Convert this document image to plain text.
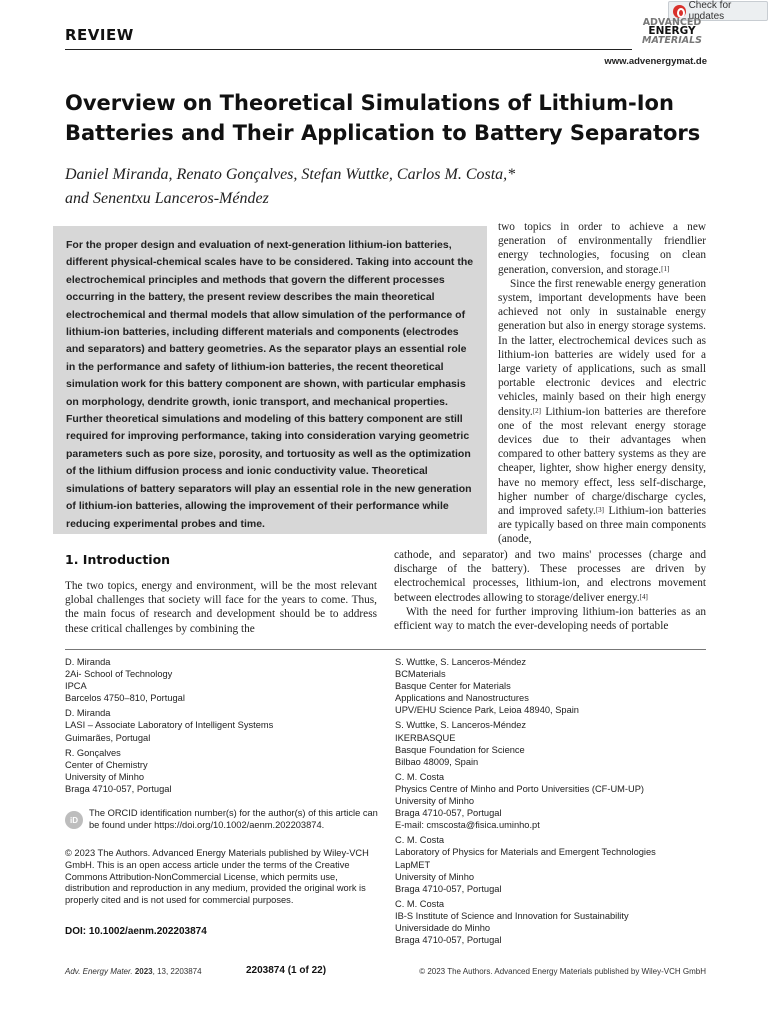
REVIEW
Check for updates
ADVANCED
ENERGY
MATERIALS
www.advenergymat.de
Overview on Theoretical Simulations of Lithium-Ion Batteries and Their Application to Battery Separators
Daniel Miranda, Renato Gonçalves, Stefan Wuttke, Carlos M. Costa,*
and Senentxu Lanceros-Méndez

For the proper design and evaluation of next-generation lithium-ion batteries, different physical-chemical scales have to be considered. Taking into account the electrochemical principles and methods that govern the different processes occurring in the battery, the present review describes the main theoretical electrochemical and thermal models that allow simulation of the performance of lithium-ion batteries, including different materials and components (electrodes and separators) and battery geometries. As the separator plays an essential role in the performance and safety of lithium-ion batteries, the recent theoretical simulation work for this battery component are shown, with particular emphasis on morphology, dendrite growth, ionic transport, and mechanical properties. Further theoretical simulations and modeling of this battery component are still required for improving performance, taking into consideration varying geometric parameters such as pore size, porosity, and tortuosity as well as the optimization of the lithium diffusion process and ionic conductivity value. Theoretical simulations of battery separators will play an essential role in the new generation of lithium-ion batteries, allowing the improvement of their performance while reducing experimental probes and time.

two topics in order to achieve a new generation of environmentally friendlier energy technologies, focusing on clean generation, conversion, and storage.[1]

Since the first renewable energy generation system, important developments have been achieved not only in sustainable energy generation but also in energy storage systems. In the latter, electrochemical devices such as lithium-ion batteries are widely used for a large variety of applications, such as small portable electronic devices and electric vehicles, mainly based on their high energy density.[2] Lithium-ion batteries are therefore one of the most relevant energy storage devices due to their advantages when compared to other battery systems as they are cheaper, lighter, show higher energy density, have no memory effect, less self-discharge, higher number of charge/discharge cycles, and improved safety.[3] Lithium-ion batteries are typically based on three main components (anode,

1. Introduction

The two topics, energy and environment, will be the most relevant global challenges that society will face for the years to come. Thus, the main focus of research and development should be to address these critical challenges by combining the

cathode, and separator) and two mains' processes (charge and discharge of the battery). These processes are driven by electrochemical processes, lithium-ion, and electrons movement between electrodes allowing to storage/deliver energy.[4]

With the need for further improving lithium-ion batteries as an efficient way to match the ever-developing needs of portable

D. Miranda
2Ai- School of Technology
IPCA
Barcelos 4750–810, Portugal
D. Miranda
LASI – Associate Laboratory of Intelligent Systems
Guimarães, Portugal
R. Gonçalves
Center of Chemistry
University of Minho
Braga 4710-057, Portugal
S. Wuttke, S. Lanceros-Méndez
BCMaterials
Basque Center for Materials
Applications and Nanostructures
UPV/EHU Science Park, Leioa 48940, Spain
S. Wuttke, S. Lanceros-Méndez
IKERBASQUE
Basque Foundation for Science
Bilbao 48009, Spain
C. M. Costa
Physics Centre of Minho and Porto Universities (CF-UM-UP)
University of Minho
Braga 4710-057, Portugal
E-mail: cmscosta@fisica.uminho.pt
C. M. Costa
Laboratory of Physics for Materials and Emergent Technologies
LapMET
University of Minho
Braga 4710-057, Portugal
C. M. Costa
IB-S Institute of Science and Innovation for Sustainability
Universidade do Minho
Braga 4710-057, Portugal
iD
The ORCID identification number(s) for the author(s) of this article can be found under https://doi.org/10.1002/aenm.202203874.
© 2023 The Authors. Advanced Energy Materials published by Wiley-VCH GmbH. This is an open access article under the terms of the Creative Commons Attribution-NonCommercial License, which permits use, distribution and reproduction in any medium, provided the original work is properly cited and is not used for commercial purposes.
DOI: 10.1002/aenm.202203874
Adv. Energy Mater. 2023, 13, 2203874	2203874 (1 of 22)	© 2023 The Authors. Advanced Energy Materials published by Wiley-VCH GmbH
